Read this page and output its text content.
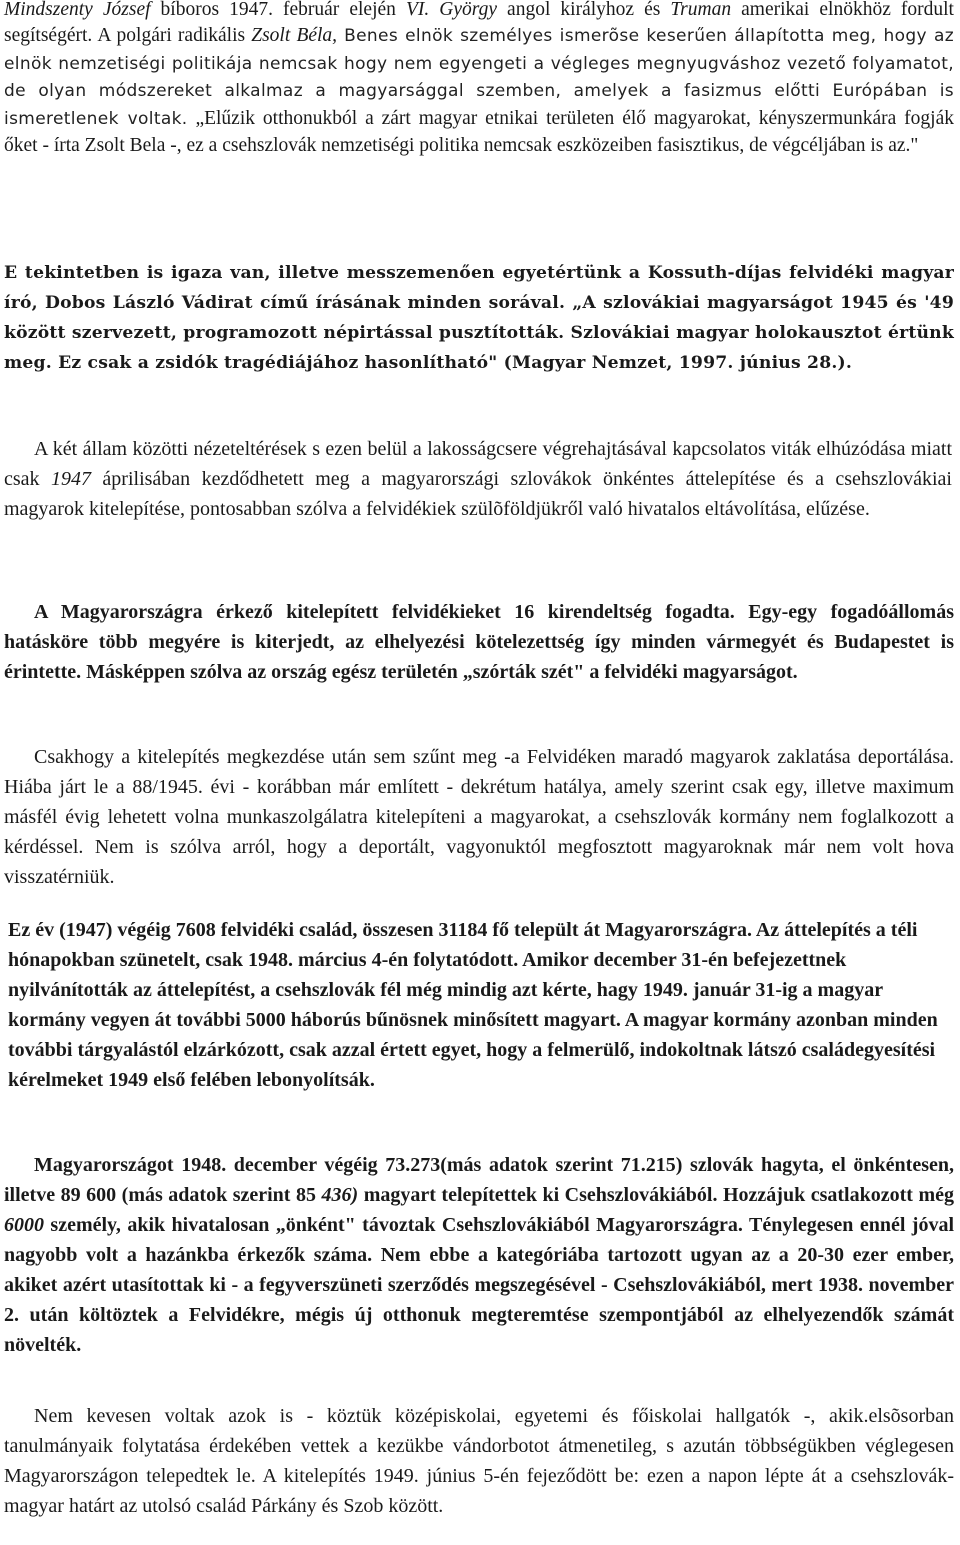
Mindszenty József bíboros 1947. február elején VI. György angol királyhoz és Truman amerikai elnökhöz fordult segítségért. A polgári radikális Zsolt Béla, Benes elnök személyes ismerõse keserűen állapította meg, hogy az elnök nemzetiségi politikája nemcsak hogy nem egyengeti a végleges megnyugváshoz vezető folyamatot, de olyan módszereket alkalmaz a magyarsággal szemben, amelyek a fasizmus előtti Európában is ismeretlenek voltak. „Elűzik otthonukból a zárt magyar etnikai területen élő magyarokat, kényszermunkára fogják őket - írta Zsolt Bela -, ez a csehszlovák nemzetiségi politika nemcsak eszközeiben fasisztikus, de végcéljában is az."
E tekintetben is igaza van, illetve messzemenően egyetértünk a Kossuth-díjas felvidéki magyar író, Dobos László Vádirat című írásának minden sorával. „A szlovákiai magyarságot 1945 és '49 között szervezett, programozott népirtással pusztították. Szlovákiai magyar holokausztot értünk meg. Ez csak a zsidók tragédiájához hasonlítható" (Magyar Nemzet, 1997. június 28.).
A két állam közötti nézeteltérések s ezen belül a lakosságcsere végrehajtásával kapcsolatos viták elhúzódása miatt csak 1947 áprilisában kezdődhetett meg a magyarországi szlovákok önkéntes áttelepítése és a csehszlovákiai magyarok kitelepítése, pontosabban szólva a felvidékiek szülõföldjükről való hivatalos eltávolítása, elűzése.
A Magyarországra érkező kitelepített felvidékieket 16 kirendeltség fogadta. Egy-egy fogadóállomás hatásköre több megyére is kiterjedt, az elhelyezési kötelezettség így minden vármegyét és Budapestet is érintette. Másképpen szólva az ország egész területén „szórták szét" a felvidéki magyarságot.
Csakhogy a kitelepítés megkezdése után sem szűnt meg -a Felvidéken maradó magyarok zaklatása deportálása. Hiába járt le a 88/1945. évi - korábban már említett - dekrétum hatálya, amely szerint csak egy, illetve maximum másfél évig lehetett volna munkaszolgálatra kitelepíteni a magyarokat, a csehszlovák kormány nem foglalkozott a kérdéssel. Nem is szólva arról, hogy a deportált, vagyonuktól megfosztott magyaroknak már nem volt hova visszatérniük.
Ez év (1947) végéig 7608 felvidéki család, összesen 31184 fő települt át Magyarországra. Az áttelepítés a téli hónapokban szünetelt, csak 1948. március 4-én folytatódott. Amikor december 31-én befejezettnek nyilvánították az áttelepítést, a csehszlovák fél még mindig azt kérte, hagy 1949. január 31-ig a magyar kormány vegyen át további 5000 háborús bűnösnek minősített magyart. A magyar kormány azonban minden további tárgyalástól elzárkózott, csak azzal értett egyet, hogy a felmerülő, indokoltnak látszó családegyesítési kérelmeket 1949 első felében lebonyolítsák.
Magyarországot 1948. december végéig 73.273(más adatok szerint 71.215) szlovák hagyta, el önkéntesen, illetve 89 600 (más adatok szerint 85 436) magyart telepítettek ki Csehszlovákiából. Hozzájuk csatlakozott még 6000 személy, akik hivatalosan „önként" távoztak Csehszlovákiából Magyarországra. Ténylegesen ennél jóval nagyobb volt a hazánkba érkezők száma. Nem ebbe a kategóriába tartozott ugyan az a 20-30 ezer ember, akiket azért utasítottak ki - a fegyverszüneti szerződés megszegésével - Csehszlovákiából, mert 1938. november 2. után költöztek a Felvidékre, mégis új otthonuk megteremtése szempontjából az elhelyezendők számát növelték.
Nem kevesen voltak azok is - köztük középiskolai, egyetemi és főiskolai hallgatók -, akik.elsõsorban tanulmányaik folytatása érdekében vettek a kezükbe vándorbotot átmenetileg, s azután többségükben véglegesen Magyarországon telepedtek le. A kitelepítés 1949. június 5-én fejeződött be: ezen a napon lépte át a csehszlovák-magyar határt az utolsó család Párkány és Szob között.
